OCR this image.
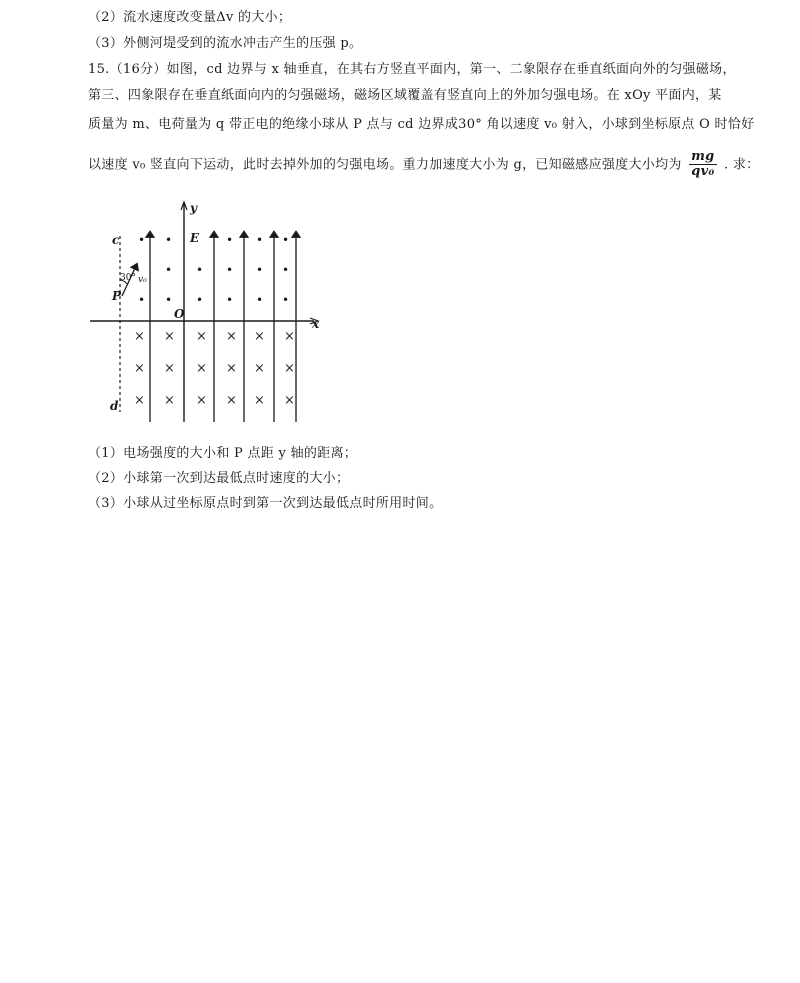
（2）流水速度改变量Δv 的大小；
（3）外侧河堤受到的流水冲击产生的压强 p。
15.（16分）如图，cd 边界与 x 轴垂直，在其右方竖直平面内，第一、二象限存在垂直纸面向外的匀强磁场，
第三、四象限存在垂直纸面向内的匀强磁场，磁场区域覆盖有竖直向上的外加匀强电场。在 xOy 平面内，某
质量为 m、电荷量为 q 带正电的绝缘小球从 P 点与 cd 边界成30° 角以速度 v₀ 射入，小球到坐标原点 O 时恰好
以速度 v₀ 竖直向下运动，此时去掉外加的匀强电场。重力加速度大小为 g，已知磁感应强度大小均为 $\frac{mg}{\text{qv₀}}$ . 求：
• •	• • •
• • • • •
• • • • • •
× × × × × ×
× × × × × ×
× × × × × ×
c
d
y
x
O
E
P
30° v₀
（1）电场强度的大小和 P 点距 y 轴的距离；
（2）小球第一次到达最低点时速度的大小；
（3）小球从过坐标原点时到第一次到达最低点时所用时间。
